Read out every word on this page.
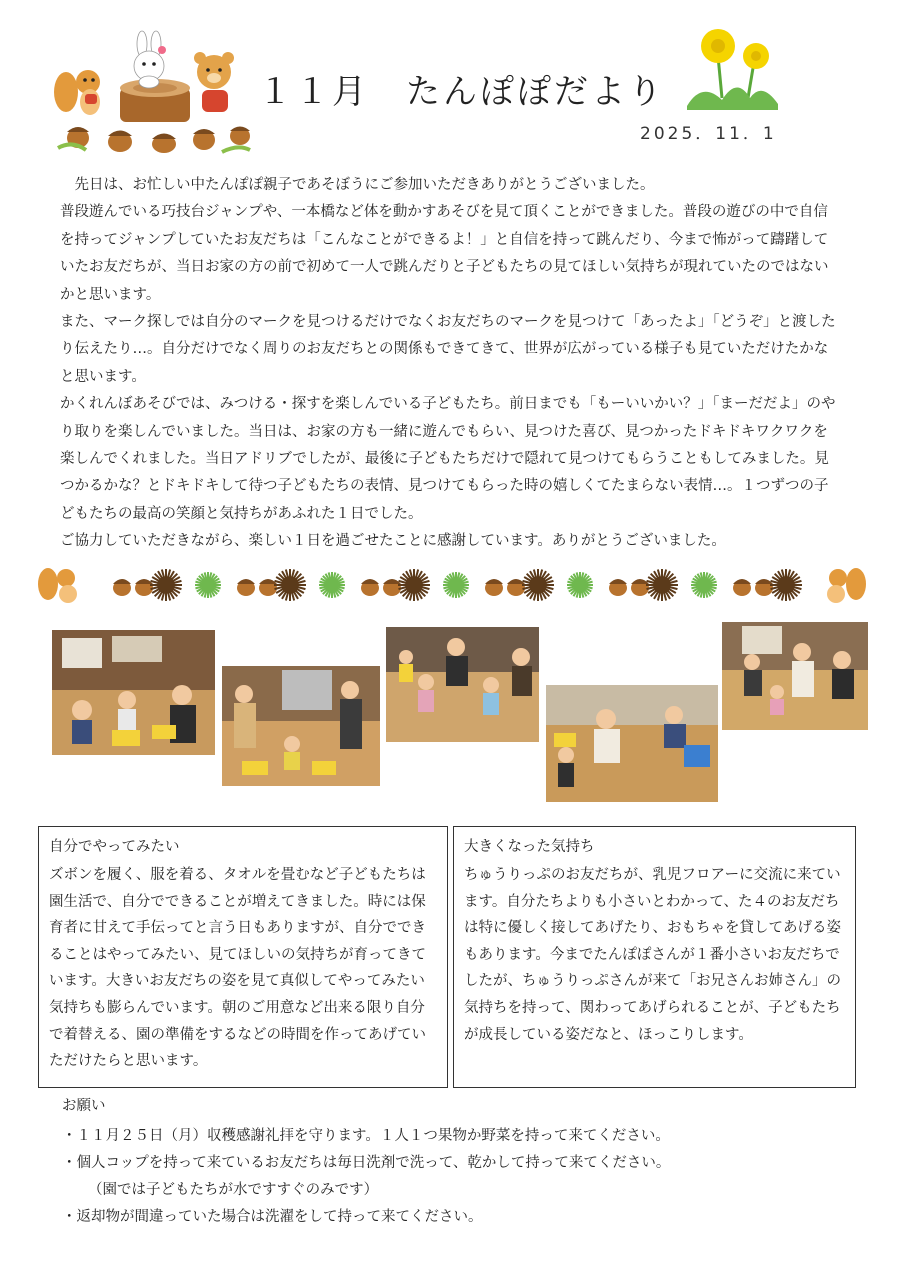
１１月　たんぽぽだより
2025．11．1

　先日は、お忙しい中たんぽぽ親子であそぼうにご参加いただきありがとうございました。

普段遊んでいる巧技台ジャンプや、一本橋など体を動かすあそびを見て頂くことができました。普段の遊びの中で自信を持ってジャンプしていたお友だちは「こんなことができるよ！」と自信を持って跳んだり、今まで怖がって躊躇していたお友だちが、当日お家の方の前で初めて一人で跳んだりと子どもたちの見てほしい気持ちが現れていたのではないかと思います。

また、マーク探しでは自分のマークを見つけるだけでなくお友だちのマークを見つけて「あったよ」「どうぞ」と渡したり伝えたり…。自分だけでなく周りのお友だちとの関係もできてきて、世界が広がっている様子も見ていただけたかなと思います。

かくれんぼあそびでは、みつける・探すを楽しんでいる子どもたち。前日までも「もーいいかい？」「まーだだよ」のやり取りを楽しんでいました。当日は、お家の方も一緒に遊んでもらい、見つけた喜び、見つかったドキドキワクワクを楽しんでくれました。当日アドリブでしたが、最後に子どもたちだけで隠れて見つけてもらうこともしてみました。見つかるかな？とドキドキして待つ子どもたちの表情、見つけてもらった時の嬉しくてたまらない表情…。１つずつの子どもたちの最高の笑顔と気持ちがあふれた１日でした。

ご協力していただきながら、楽しい１日を過ごせたことに感謝しています。ありがとうございました。

自分でやってみたい

ズボンを履く、服を着る、タオルを畳むなど子どもたちは園生活で、自分でできることが増えてきました。時には保育者に甘えて手伝ってと言う日もありますが、自分でできることはやってみたい、見てほしいの気持ちが育ってきています。大きいお友だちの姿を見て真似してやってみたい気持ちも膨らんでいます。朝のご用意など出来る限り自分で着替える、園の準備をするなどの時間を作ってあげていただけたらと思います。

大きくなった気持ち

ちゅうりっぷのお友だちが、乳児フロアーに交流に来ています。自分たちよりも小さいとわかって、た４のお友だちは特に優しく接してあげたり、おもちゃを貸してあげる姿もあります。今までたんぽぽさんが１番小さいお友だちでしたが、ちゅうりっぷさんが来て「お兄さんお姉さん」の気持ちを持って、関わってあげられることが、子どもたちが成長している姿だなと、ほっこりします。

お願い
・１１月２５日（月）収穫感謝礼拝を守ります。１人１つ果物か野菜を持って来てください。
・個人コップを持って来ているお友だちは毎日洗剤で洗って、乾かして持って来てください。
（園では子どもたちが水ですすぐのみです）
・返却物が間違っていた場合は洗濯をして持って来てください。
